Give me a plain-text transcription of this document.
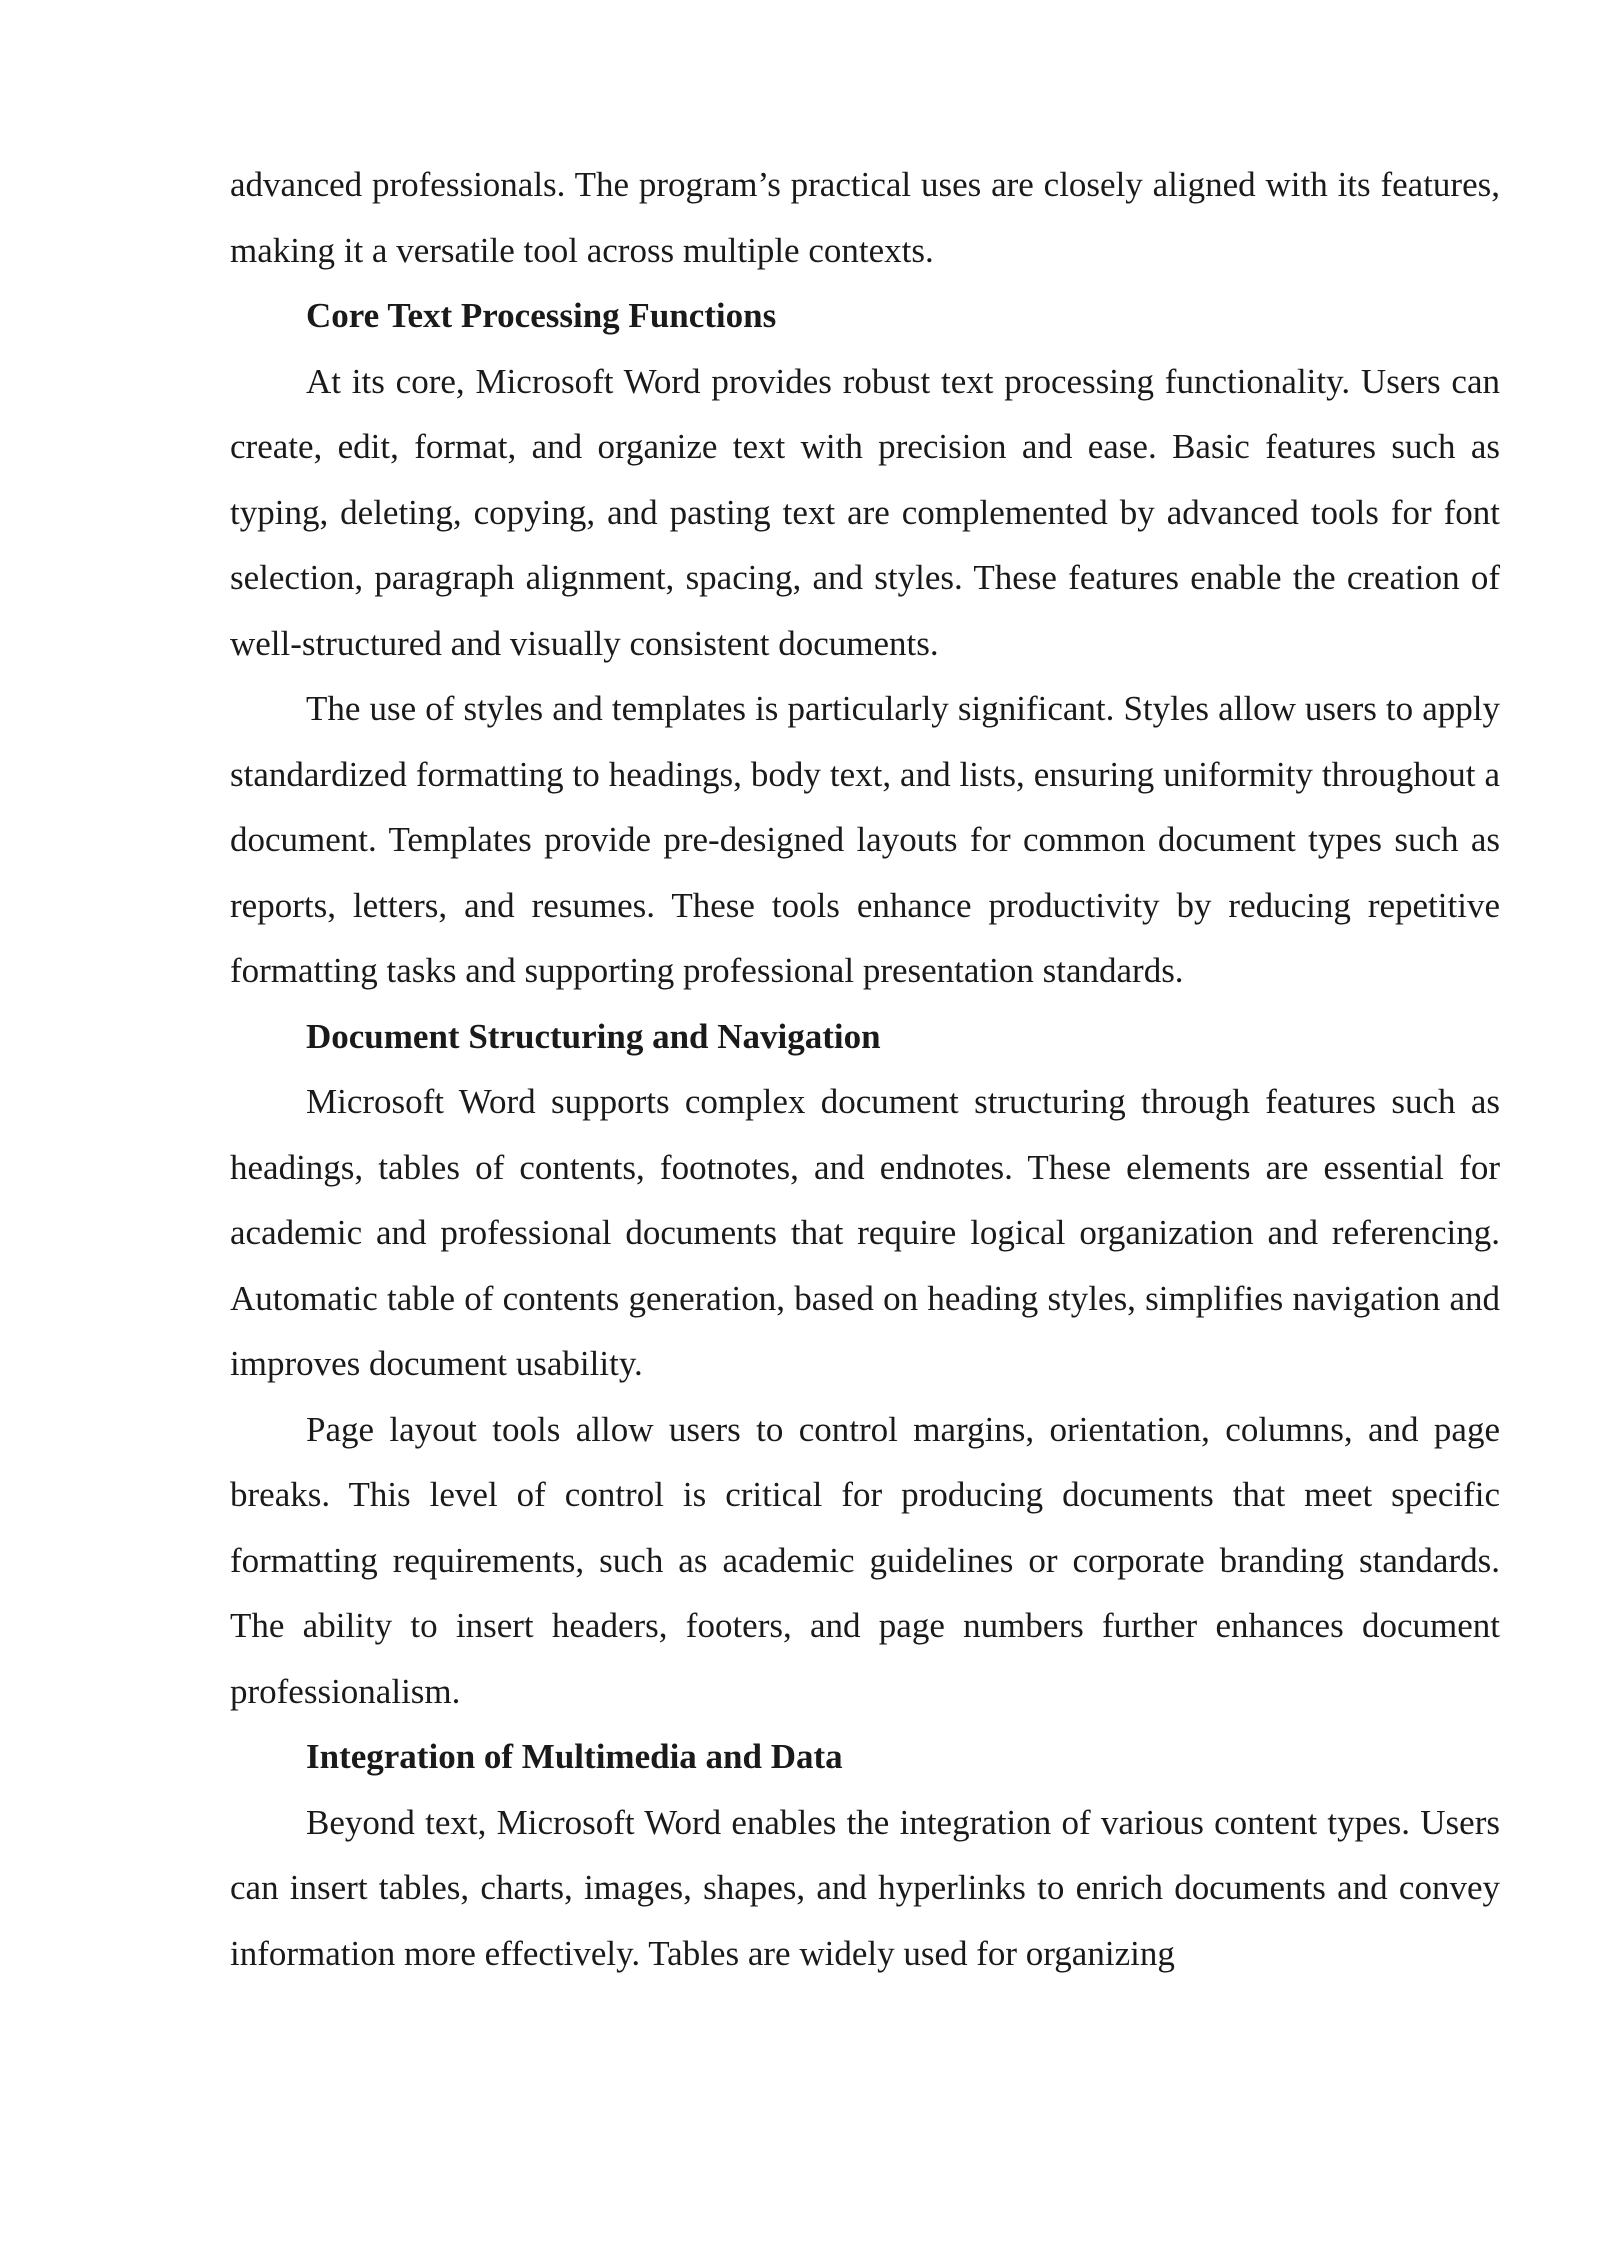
advanced professionals. The program’s practical uses are closely aligned with its features, making it a versatile tool across multiple contexts.

Core Text Processing Functions

At its core, Microsoft Word provides robust text processing functionality. Users can create, edit, format, and organize text with precision and ease. Basic features such as typing, deleting, copying, and pasting text are complemented by advanced tools for font selection, paragraph alignment, spacing, and styles. These features enable the creation of well-structured and visually consistent documents.

The use of styles and templates is particularly significant. Styles allow users to apply standardized formatting to headings, body text, and lists, ensuring uniformity throughout a document. Templates provide pre-designed layouts for common document types such as reports, letters, and resumes. These tools enhance productivity by reducing repetitive formatting tasks and supporting professional presentation standards.

Document Structuring and Navigation

Microsoft Word supports complex document structuring through features such as headings, tables of contents, footnotes, and endnotes. These elements are essential for academic and professional documents that require logical organization and referencing. Automatic table of contents generation, based on heading styles, simplifies navigation and improves document usability.

Page layout tools allow users to control margins, orientation, columns, and page breaks. This level of control is critical for producing documents that meet specific formatting requirements, such as academic guidelines or corporate branding standards. The ability to insert headers, footers, and page numbers further enhances document professionalism.

Integration of Multimedia and Data

Beyond text, Microsoft Word enables the integration of various content types. Users can insert tables, charts, images, shapes, and hyperlinks to enrich documents and convey information more effectively. Tables are widely used for organizing
